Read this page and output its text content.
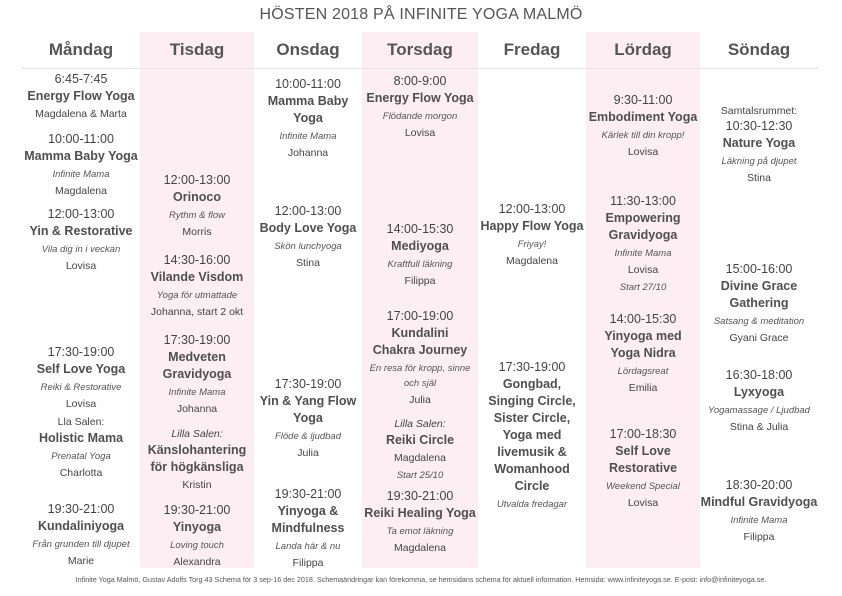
HÖSTEN 2018 PÅ INFINITE YOGA MALMÖ
Måndag
6:45-7:45
Energy Flow Yoga
Magdalena & Marta
10:00-11:00
Mamma Baby Yoga
Infinite Mama
Magdalena
12:00-13:00
Yin & Restorative
Vila dig in i veckan
Lovisa
17:30-19:00
Self Love Yoga
Reiki & Restorative
Lovisa
Lla Salen:
Holistic Mama
Prenatal Yoga
Charlotta
19:30-21:00
Kundaliniyoga
Från grunden till djupet
Marie
Tisdag
12:00-13:00
Orinoco
Rythm & flow
Morris
14:30-16:00
Vilande Visdom
Yoga för utmattade
Johanna, start 2 okt
17:30-19:00
Medveten Gravidyoga
Infinite Mama
Johanna
Lilla Salen:
Känslohantering för högkänsliga
Kristin
19:30-21:00
Yinyoga
Loving touch
Alexandra
Onsdag
10:00-11:00
Mamma Baby Yoga
Infinite Mama
Johanna
12:00-13:00
Body Love Yoga
Skön lunchyoga
Stina
17:30-19:00
Yin & Yang Flow Yoga
Flöde & ljudbad
Julia
19:30-21:00
Yinyoga & Mindfulness
Landa här & nu
Filippa
Torsdag
8:00-9:00
Energy Flow Yoga
Flödande morgon
Lovisa
14:00-15:30
Mediyoga
Kraftfull läkning
Filippa
17:00-19:00
Kundalini Chakra Journey
En resa för kropp, sinne och själ
Julia
Lilla Salen:
Reiki Circle
Magdalena
Start 25/10
19:30-21:00
Reiki Healing Yoga
Ta emot läkning
Magdalena
Fredag
12:00-13:00
Happy Flow Yoga
Friyay!
Magdalena
17:30-19:00
Gongbad, Singing Circle, Sister Circle, Yoga med livemusik & Womanhood Circle
Utvalda fredagar
Lördag
9:30-11:00
Embodiment Yoga
Kärlek till din kropp!
Lovisa
11:30-13:00
Empowering Gravidyoga
Infinite Mama
Lovisa
Start 27/10
14:00-15:30
Yinyoga med Yoga Nidra
Lördagsreat
Emilia
17:00-18:30
Self Love Restorative
Weekend Special
Lovisa
Söndag
Samtalsrummet:
10:30-12:30
Nature Yoga
Läkning på djupet
Stina
15:00-16:00
Divine Grace Gathering
Satsang & meditation
Gyani Grace
16:30-18:00
Lyxyoga
Yogamassage / Ljudbad
Stina & Julia
18:30-20:00
Mindful Gravidyoga
Infinite Mama
Filippa
Infinite Yoga Malmö, Gustav Adolfs Torg 43 Schema för 3 sep-16 dec 2018. Schemaändringar kan förekomma, se hemsidans schema för aktuell information. Hemsida: www.infiniteyoga.se. E-post: info@infiniteyoga.se.
